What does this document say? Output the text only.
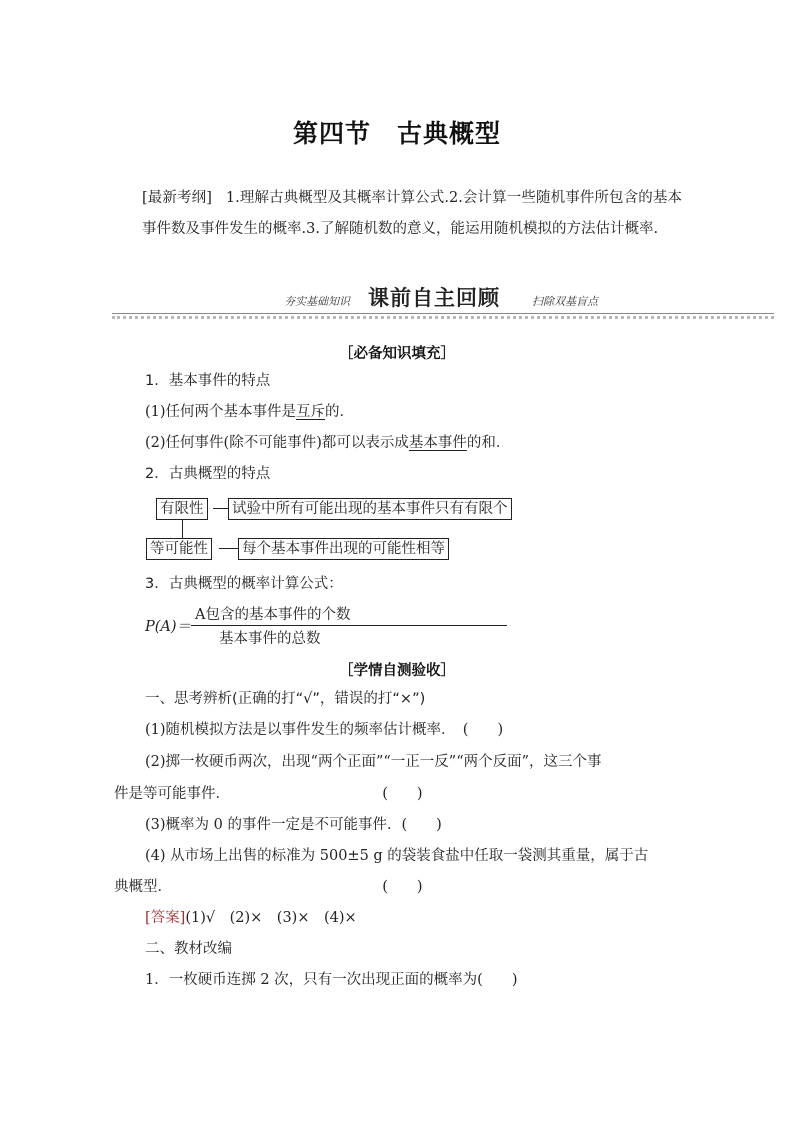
第四节 古典概型
[最新考纲] 1.理解古典概型及其概率计算公式.2.会计算一些随机事件所包含的基本事件数及事件发生的概率.3.了解随机数的意义，能运用随机模拟的方法估计概率.
夯实基础知识 课前自主回顾	扫除双基盲点
［必备知识填充］
1．基本事件的特点
(1)任何两个基本事件是互斥的．
(2)任何事件(除不可能事件)都可以表示成基本事件的和．
2．古典概型的特点
有限性 试验中所有可能出现的基本事件只有有限个
等可能性 每个基本事件出现的可能性相等
3．古典概型的概率计算公式：
P(A)＝
A包含的基本事件的个数
基本事件的总数
［学情自测验收］
一、思考辨析(正确的打“√”，错误的打“×”)
(1)随机模拟方法是以事件发生的频率估计概率．　(　　)
(2)掷一枚硬币两次，出现“两个正面”“一正一反”“两个反面”，这三个事
件是等可能事件．　　　　　　　　　　　(　　)
(3)概率为 0 的事件一定是不可能事件．(　　)
(4) 从市场上出售的标准为 500±5 g 的袋装食盐中任取一袋测其重量，属于古
典概型．　　　　　　　　　　　　　　　(　　)
[答案](1)√　(2)×　(3)×　(4)×
二、教材改编
1．一枚硬币连掷 2 次，只有一次出现正面的概率为(　　)
